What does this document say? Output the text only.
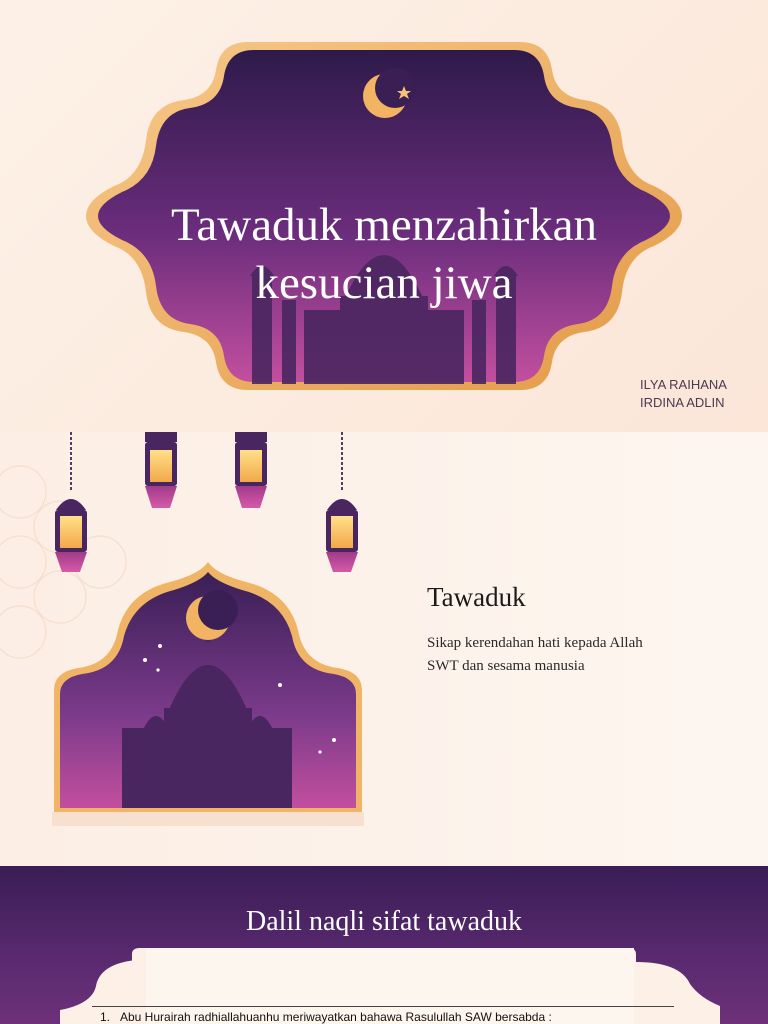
Tawaduk menzahirkan
kesucian jiwa
ILYA RAIHANA
IRDINA ADLIN
Tawaduk
Sikap kerendahan hati kepada Allah SWT dan sesama manusia
Dalil naqli sifat tawaduk
1. Abu Hurairah radhiallahuanhu meriwayatkan bahawa Rasulullah SAW bersabda :
